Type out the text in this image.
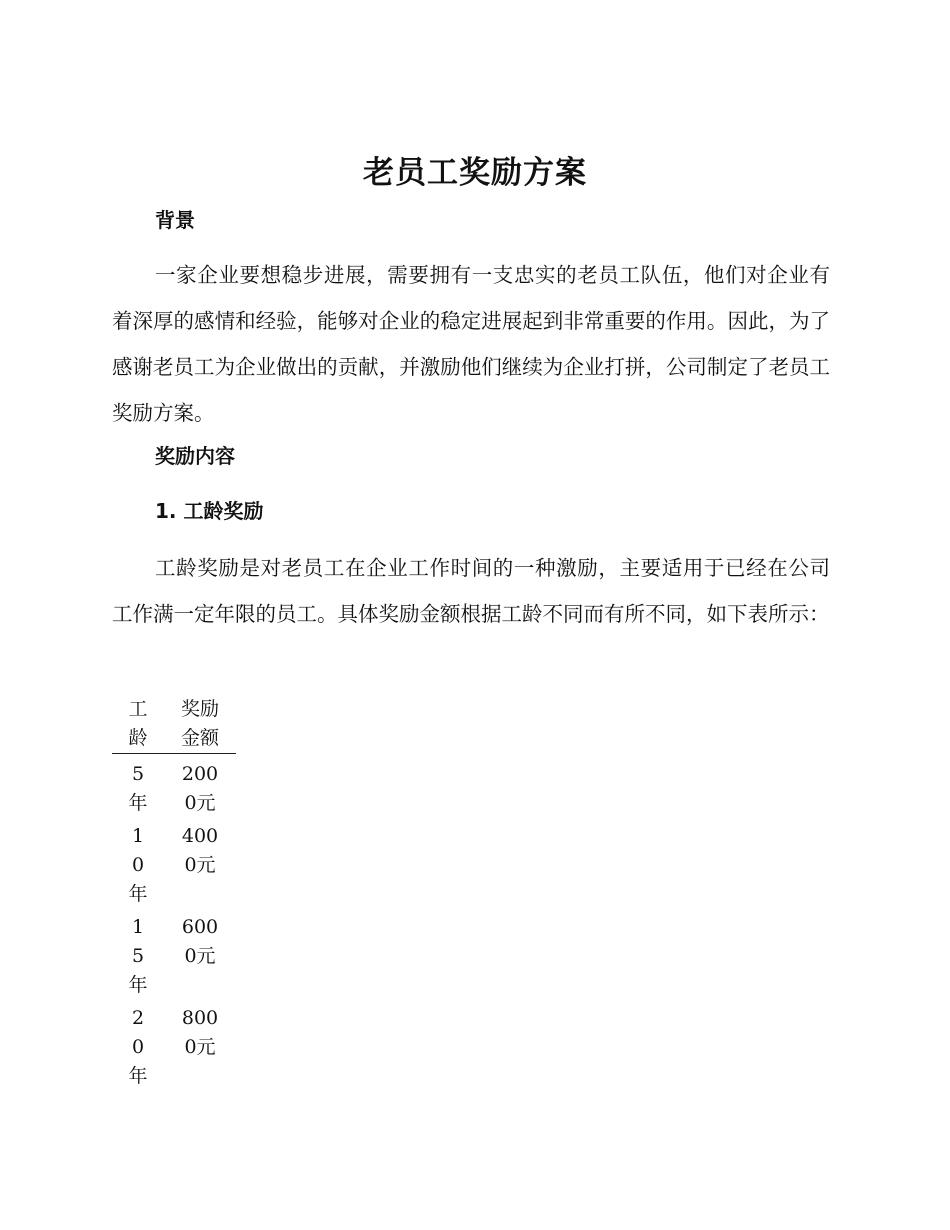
老员工奖励方案
背景

一家企业要想稳步进展，需要拥有一支忠实的老员工队伍，他们对企业有着深厚的感情和经验，能够对企业的稳定进展起到非常重要的作用。因此，为了感谢老员工为企业做出的贡献，并激励他们继续为企业打拼，公司制定了老员工奖励方案。

奖励内容
1. 工龄奖励

工龄奖励是对老员工在企业工作时间的一种激励，主要适用于已经在公司工作满一定年限的员工。具体奖励金额根据工龄不同而有所不同，如下表所示：

工龄	奖励金额
5年	2000元
10年	4000元
15年	6000元
20年	8000元
